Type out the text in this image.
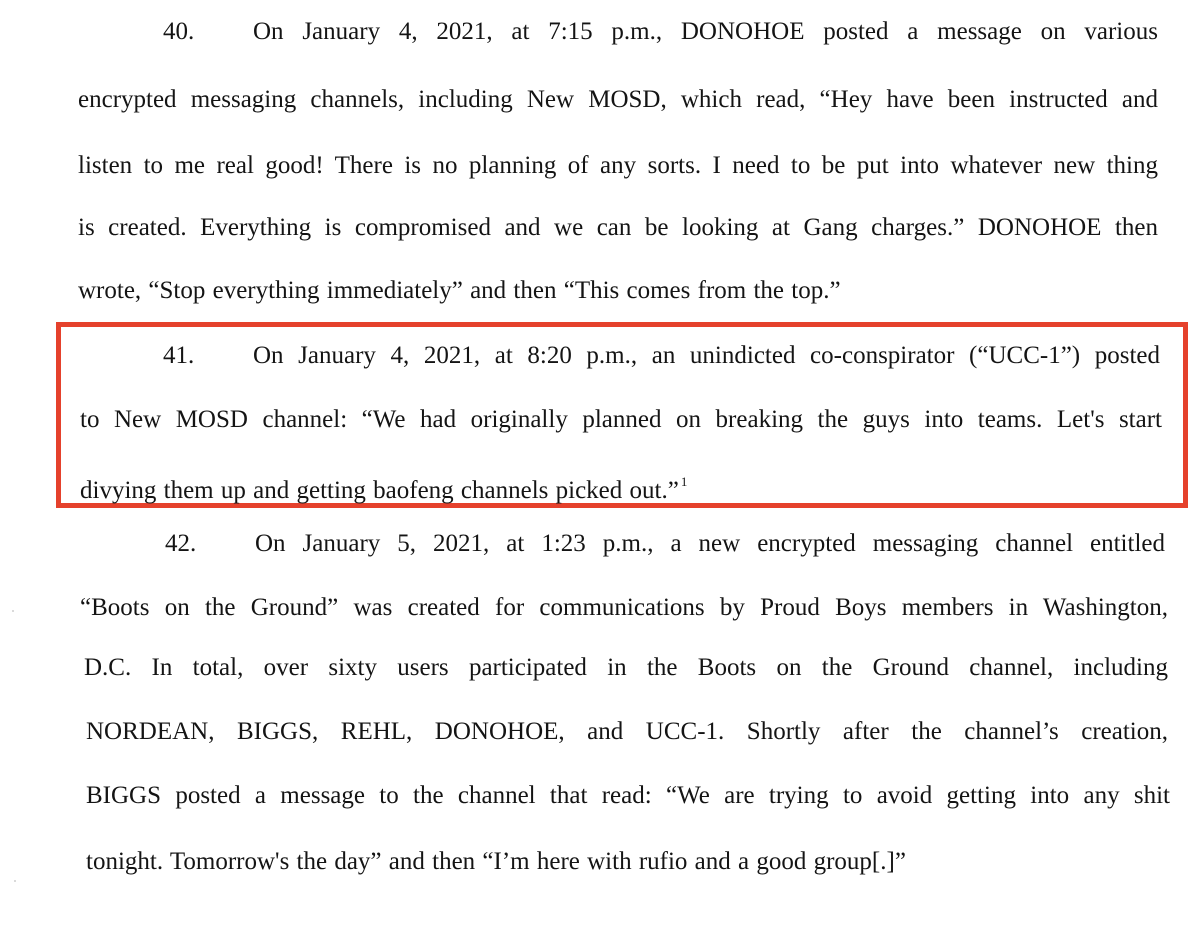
40. On January 4, 2021, at 7:15 p.m., DONOHOE posted a message on various
encrypted messaging channels, including New MOSD, which read, “Hey have been instructed and
listen to me real good! There is no planning of any sorts. I need to be put into whatever new thing
is created. Everything is compromised and we can be looking at Gang charges.” DONOHOE then
wrote, “Stop everything immediately” and then “This comes from the top.”
41. On January 4, 2021, at 8:20 p.m., an unindicted co-conspirator (“UCC-1”) posted
to New MOSD channel: “We had originally planned on breaking the guys into teams. Let's start
divying them up and getting baofeng channels picked out.” $^1$
42. On January 5, 2021, at 1:23 p.m., a new encrypted messaging channel entitled
“Boots on the Ground” was created for communications by Proud Boys members in Washington,
D.C. In total, over sixty users participated in the Boots on the Ground channel, including
NORDEAN, BIGGS, REHL, DONOHOE, and UCC-1. Shortly after the channel’s creation,
BIGGS posted a message to the channel that read: “We are trying to avoid getting into any shit
tonight. Tomorrow's the day” and then “I’m here with rufio and a good group[.]”
